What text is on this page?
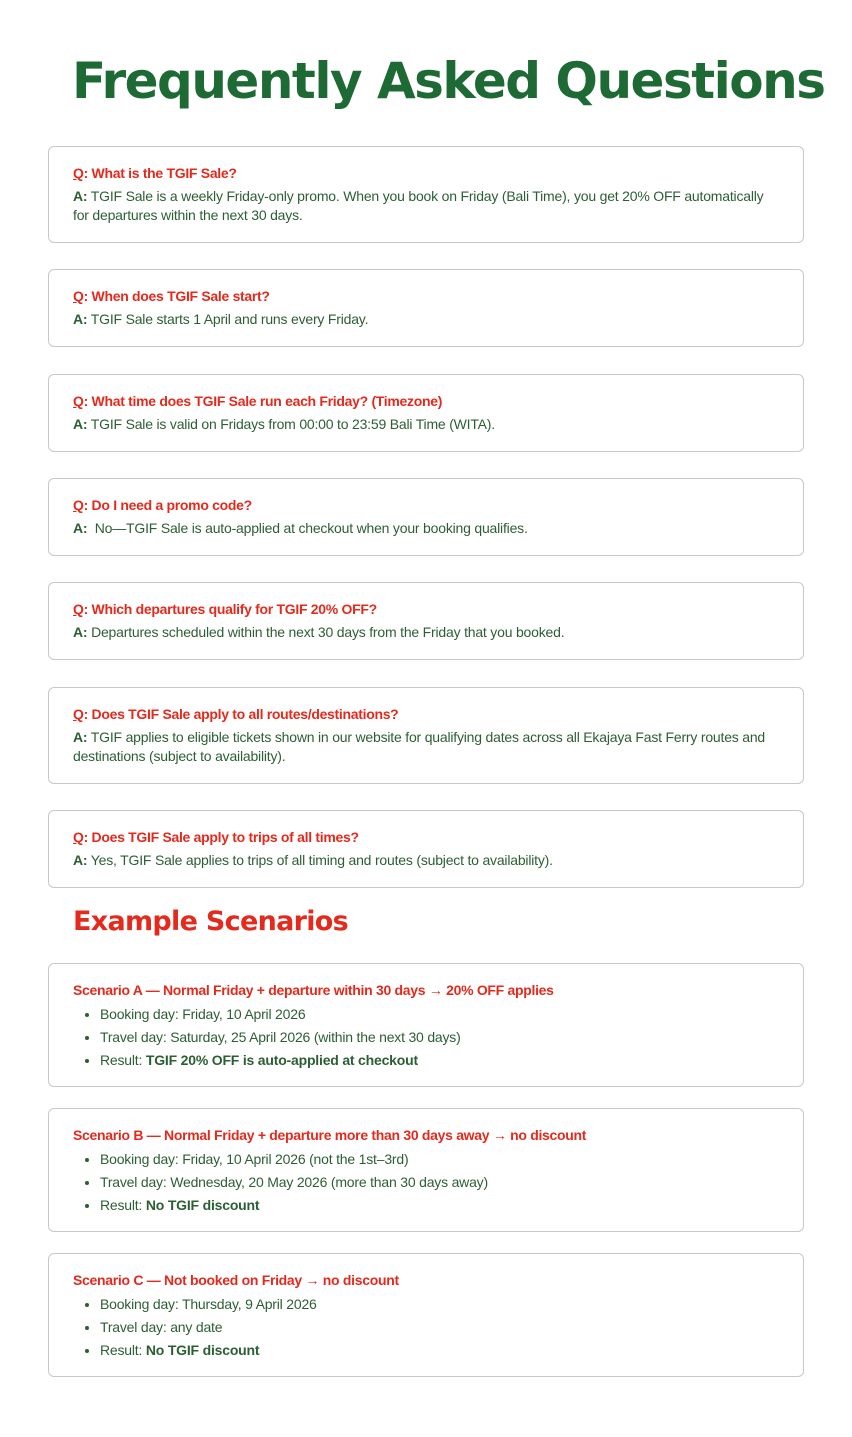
Frequently Asked Questions
Q: What is the TGIF Sale?
A: TGIF Sale is a weekly Friday-only promo. When you book on Friday (Bali Time), you get 20% OFF automatically for departures within the next 30 days.
Q: When does TGIF Sale start?
A: TGIF Sale starts 1 April and runs every Friday.
Q: What time does TGIF Sale run each Friday? (Timezone)
A: TGIF Sale is valid on Fridays from 00:00 to 23:59 Bali Time (WITA).
Q: Do I need a promo code?
A:  No—TGIF Sale is auto-applied at checkout when your booking qualifies.
Q: Which departures qualify for TGIF 20% OFF?
A: Departures scheduled within the next 30 days from the Friday that you booked.
Q: Does TGIF Sale apply to all routes/destinations?
A: TGIF applies to eligible tickets shown in our website for qualifying dates across all Ekajaya Fast Ferry routes and destinations (subject to availability).
Q: Does TGIF Sale apply to trips of all times?
A: Yes, TGIF Sale applies to trips of all timing and routes (subject to availability).
Example Scenarios
Scenario A — Normal Friday + departure within 30 days → 20% OFF applies
• Booking day: Friday, 10 April 2026
• Travel day: Saturday, 25 April 2026 (within the next 30 days)
• Result: TGIF 20% OFF is auto-applied at checkout
Scenario B — Normal Friday + departure more than 30 days away → no discount
• Booking day: Friday, 10 April 2026 (not the 1st–3rd)
• Travel day: Wednesday, 20 May 2026 (more than 30 days away)
• Result: No TGIF discount
Scenario C — Not booked on Friday → no discount
• Booking day: Thursday, 9 April 2026
• Travel day: any date
• Result: No TGIF discount
